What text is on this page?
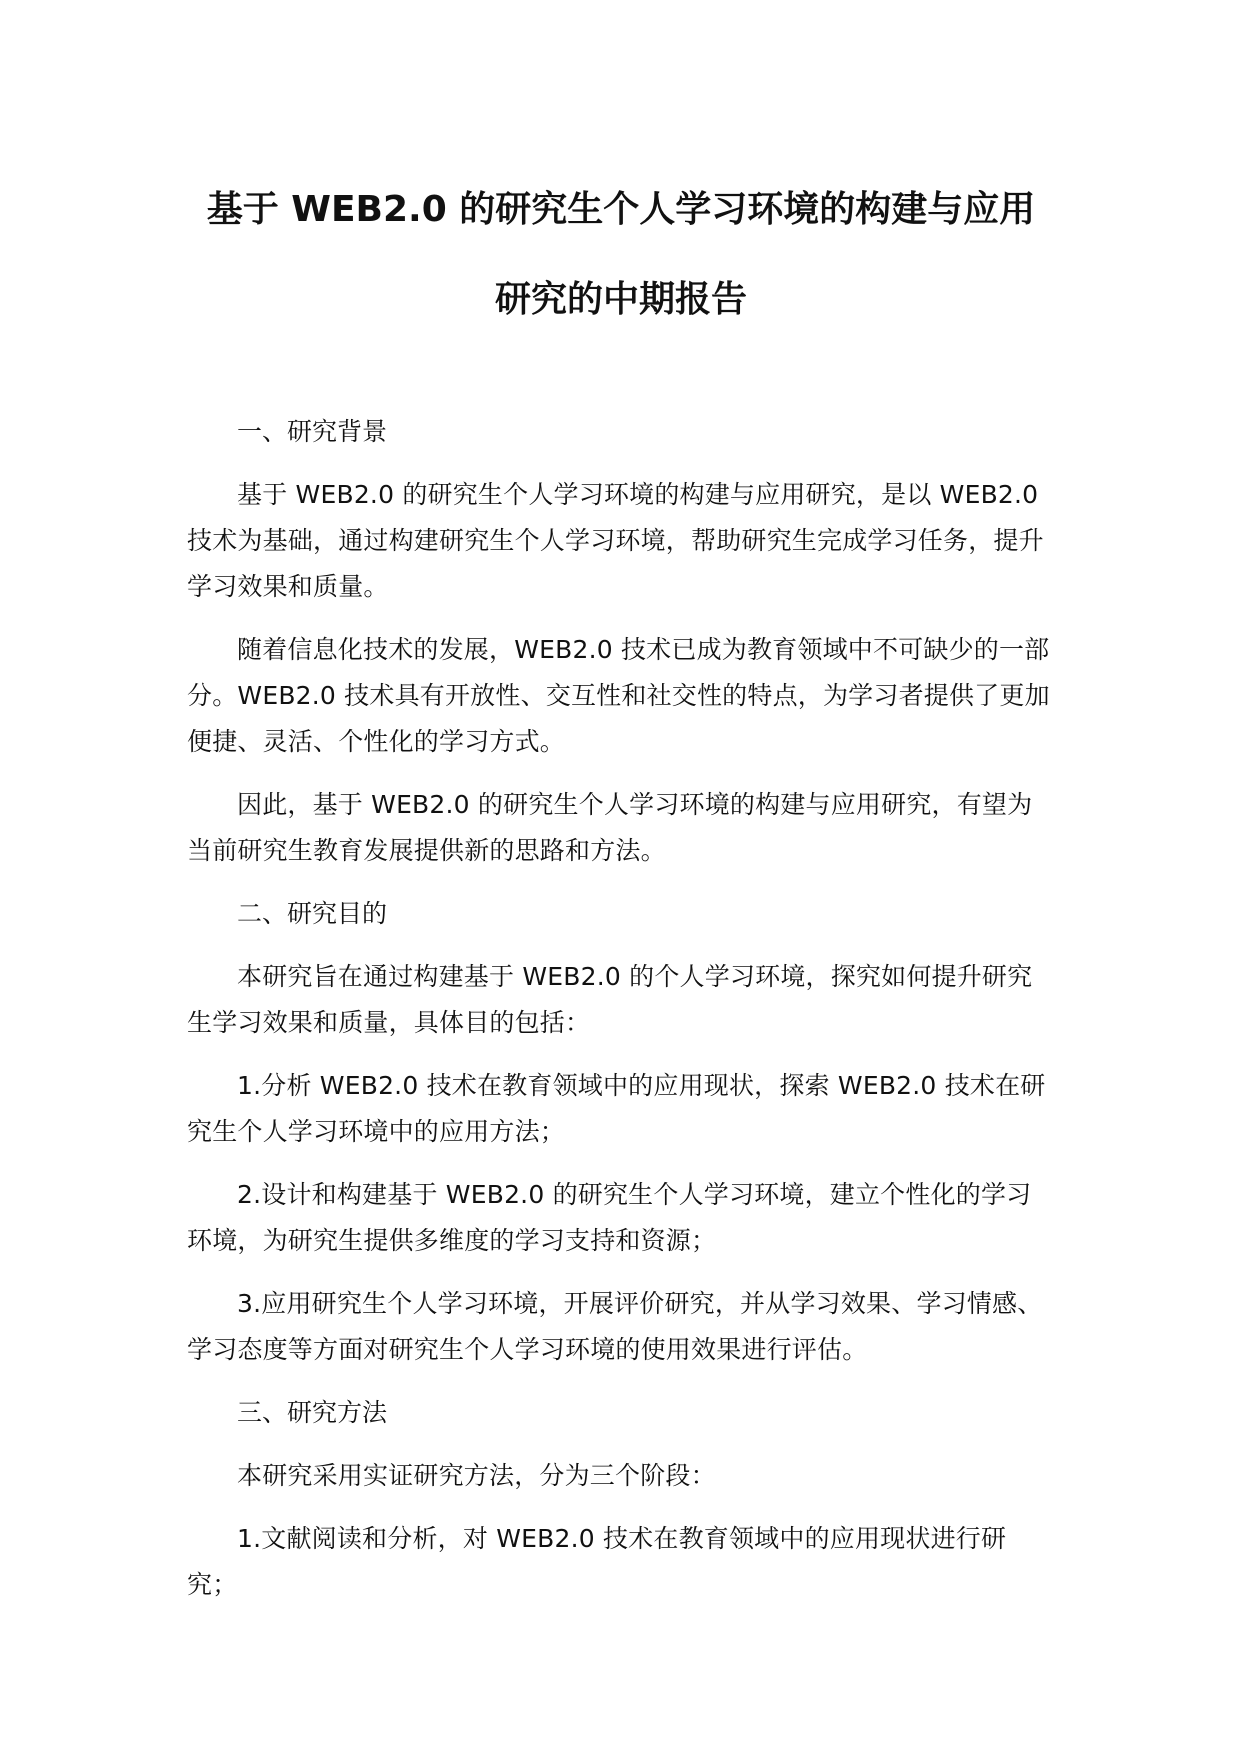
基于 WEB2.0 的研究生个人学习环境的构建与应用
研究的中期报告

一、研究背景

基于 WEB2.0 的研究生个人学习环境的构建与应用研究，是以 WEB2.0 技术为基础，通过构建研究生个人学习环境，帮助研究生完成学习任务，提升学习效果和质量。

随着信息化技术的发展，WEB2.0 技术已成为教育领域中不可缺少的一部分。WEB2.0 技术具有开放性、交互性和社交性的特点，为学习者提供了更加便捷、灵活、个性化的学习方式。

因此，基于 WEB2.0 的研究生个人学习环境的构建与应用研究，有望为当前研究生教育发展提供新的思路和方法。

二、研究目的

本研究旨在通过构建基于 WEB2.0 的个人学习环境，探究如何提升研究生学习效果和质量，具体目的包括：

1.分析 WEB2.0 技术在教育领域中的应用现状，探索 WEB2.0 技术在研究生个人学习环境中的应用方法；

2.设计和构建基于 WEB2.0 的研究生个人学习环境，建立个性化的学习环境，为研究生提供多维度的学习支持和资源；

3.应用研究生个人学习环境，开展评价研究，并从学习效果、学习情感、学习态度等方面对研究生个人学习环境的使用效果进行评估。

三、研究方法

本研究采用实证研究方法，分为三个阶段：

1.文献阅读和分析，对 WEB2.0 技术在教育领域中的应用现状进行研究；
